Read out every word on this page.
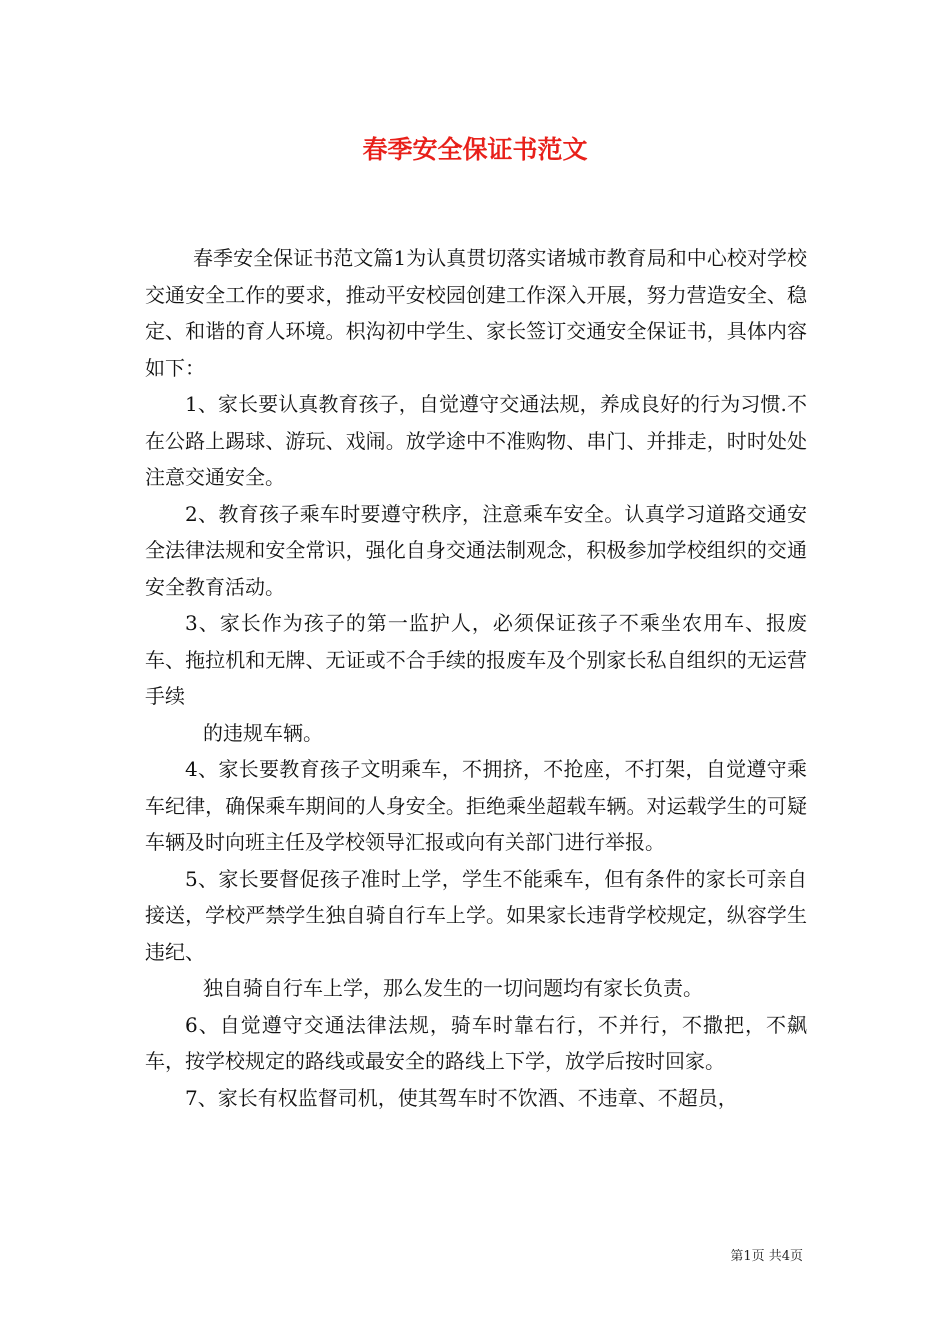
春季安全保证书范文

春季安全保证书范文篇1为认真贯切落实诸城市教育局和中心校对学校交通安全工作的要求，推动平安校园创建工作深入开展，努力营造安全、稳定、和谐的育人环境。枳沟初中学生、家长签订交通安全保证书，具体内容如下：

1、家长要认真教育孩子，自觉遵守交通法规，养成良好的行为习惯.不在公路上踢球、游玩、戏闹。放学途中不准购物、串门、并排走，时时处处注意交通安全。

2、教育孩子乘车时要遵守秩序，注意乘车安全。认真学习道路交通安全法律法规和安全常识，强化自身交通法制观念，积极参加学校组织的交通安全教育活动。

3、家长作为孩子的第一监护人，必须保证孩子不乘坐农用车、报废车、拖拉机和无牌、无证或不合手续的报废车及个别家长私自组织的无运营手续

的违规车辆。

4、家长要教育孩子文明乘车，不拥挤，不抢座，不打架，自觉遵守乘车纪律，确保乘车期间的人身安全。拒绝乘坐超载车辆。对运载学生的可疑车辆及时向班主任及学校领导汇报或向有关部门进行举报。

5、家长要督促孩子准时上学，学生不能乘车，但有条件的家长可亲自接送，学校严禁学生独自骑自行车上学。如果家长违背学校规定，纵容学生违纪、

独自骑自行车上学，那么发生的一切问题均有家长负责。

6、自觉遵守交通法律法规，骑车时靠右行，不并行，不撒把，不飙车，按学校规定的路线或最安全的路线上下学，放学后按时回家。

7、家长有权监督司机，使其驾车时不饮酒、不违章、不超员，

第1页 共4页
